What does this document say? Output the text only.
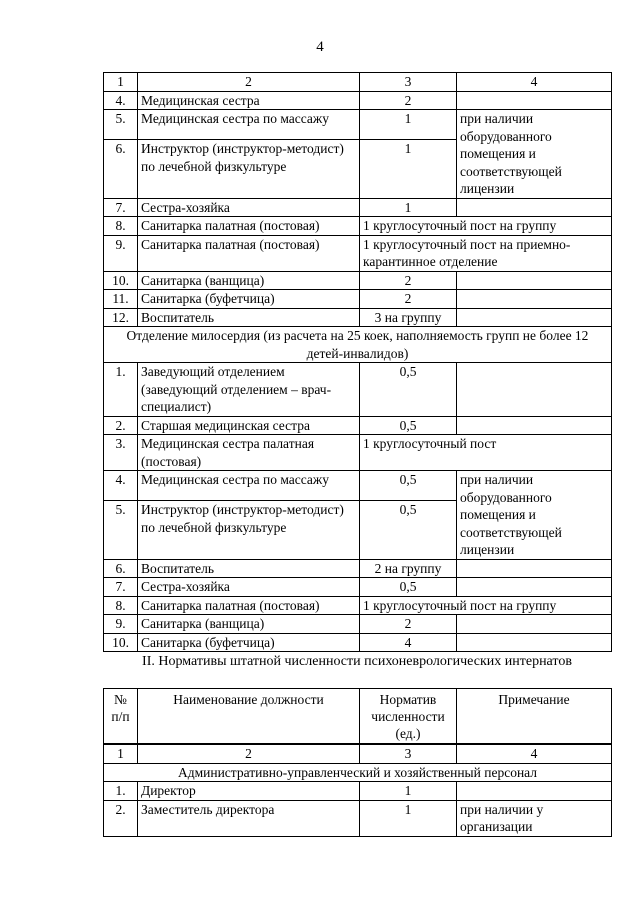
4
1	2	3	4
4.	Медицинская сестра	2	
5.	Медицинская сестра по массажу	1	при наличии оборудованного помещения и соответствующей лицензии
6.	Инструктор (инструктор-методист) по лечебной физкультуре	1	
7.	Сестра-хозяйка	1	
8.	Санитарка палатная (постовая)	1 круглосуточный пост на группу	
9.	Санитарка палатная (постовая)	1 круглосуточный пост на приемно-карантинное отделение	
10.	Санитарка (ванщица)	2	
11.	Санитарка (буфетчица)	2	
12.	Воспитатель	3 на группу	
Отделение милосердия (из расчета на 25 коек, наполняемость групп не более 12 детей-инвалидов)			
1.	Заведующий отделением (заведующий отделением – врач-специалист)	0,5	
2.	Старшая медицинская сестра	0,5	
3.	Медицинская сестра палатная (постовая)	1 круглосуточный пост	
4.	Медицинская сестра по массажу	0,5	при наличии оборудованного помещения и соответствующей лицензии
5.	Инструктор (инструктор-методист) по лечебной физкультуре	0,5	
6.	Воспитатель	2 на группу	
7.	Сестра-хозяйка	0,5	
8.	Санитарка палатная (постовая)	1 круглосуточный пост на группу	
9.	Санитарка (ванщица)	2	
10.	Санитарка (буфетчица)	4	
II. Нормативы штатной численности психоневрологических интернатов
№ п/п	Наименование должности	Норматив численности (ед.)	Примечание
1	2	3	4
Административно-управленческий и хозяйственный персонал			
1.	Директор	1	
2.	Заместитель директора	1	при наличии у организации
